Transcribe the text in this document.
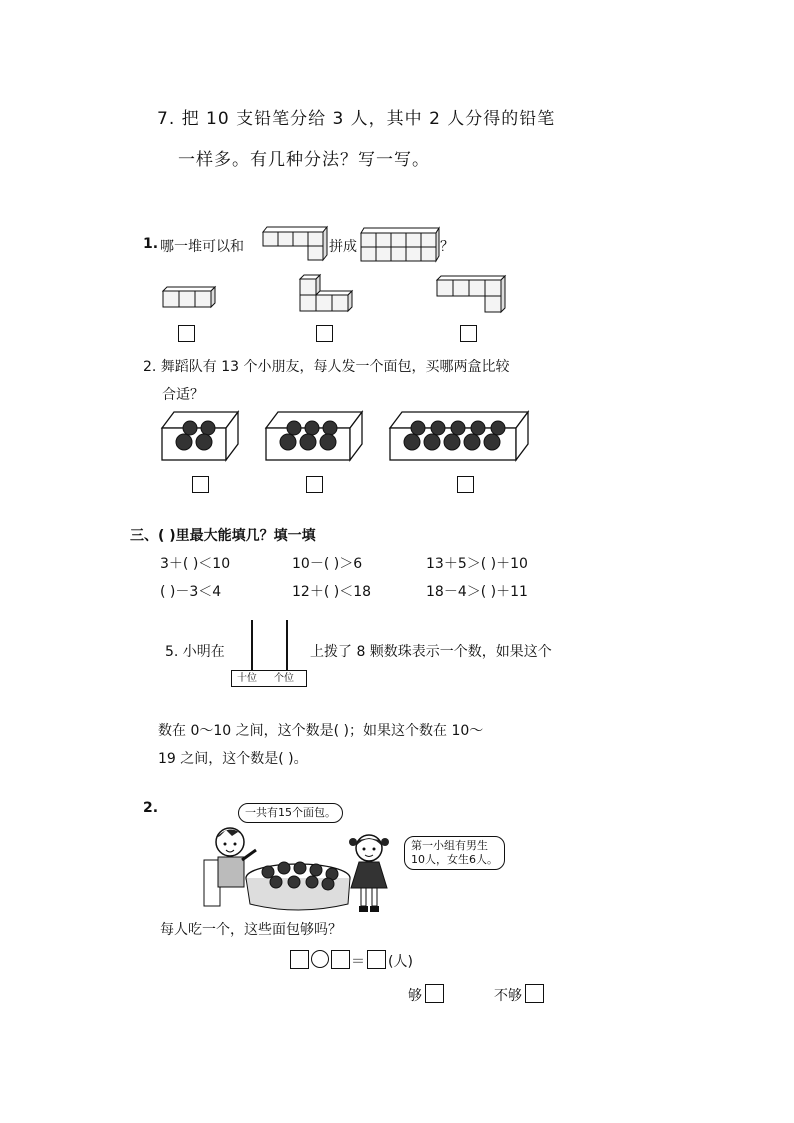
7. 把 10 支铅笔分给 3 人，其中 2 人分得的铅笔
一样多。有几种分法？写一写。
1. 哪一堆可以和	拼成	？
2. 舞蹈队有 13 个小朋友，每人发一个面包，买哪两盒比较
合适？
三、( )里最大能填几？填一填
3＋( )＜10	10－( )＞6	13＋5＞( )＋10
( )－3＜4	12＋( )＜18	18－4＞( )＋11
5. 小明在
十位 个位
上拨了 8 颗数珠表示一个数，如果这个
数在 0～10 之间，这个数是( )；如果这个数在 10～
19 之间，这个数是( )。
2.	一共有15个面包。
第一小组有男生
10人，女生6人。
每人吃一个，这些面包够吗？
＝ (人)
够	不够
